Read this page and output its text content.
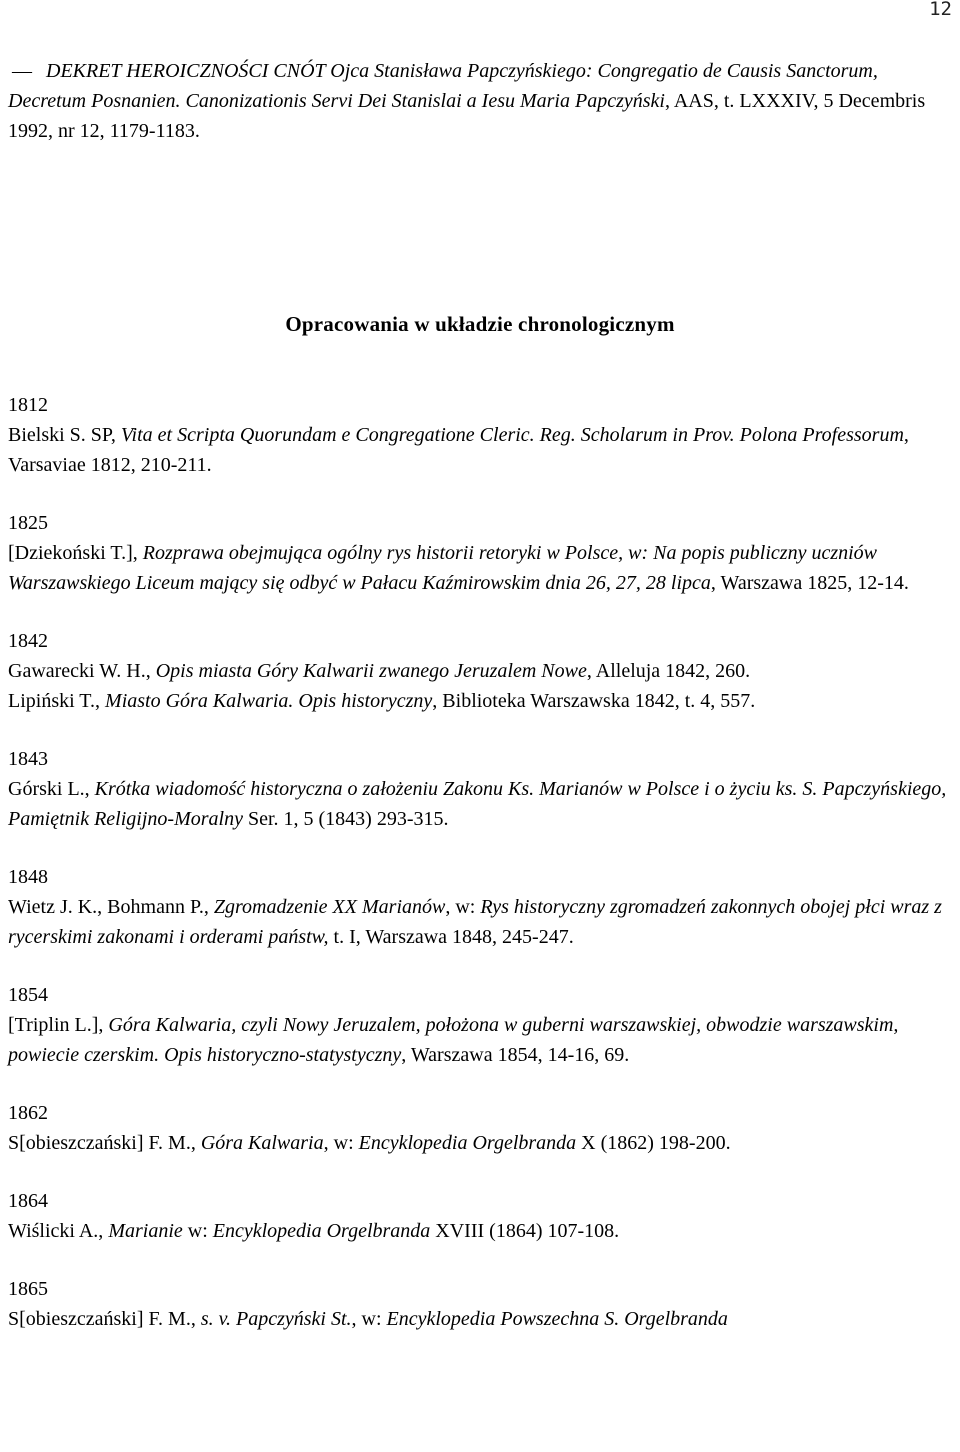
12

— DEKRET HEROICZNOŚCI CNÓT Ojca Stanisława Papczyńskiego: Congregatio de Causis Sanctorum, Decretum Posnanien. Canonizationis Servi Dei Stanislai a Iesu Maria Papczyński, AAS, t. LXXXIV, 5 Decembris 1992, nr 12, 1179-1183.

Opracowania w układzie chronologicznym
1812

Bielski S. SP, Vita et Scripta Quorundam e Congregatione Cleric. Reg. Scholarum in Prov. Polona Professorum, Varsaviae 1812, 210-211.

1825

[Dziekoński T.], Rozprawa obejmująca ogólny rys historii retoryki w Polsce, w: Na popis publiczny uczniów Warszawskiego Liceum mający się odbyć w Pałacu Kaźmirowskim dnia 26, 27, 28 lipca, Warszawa 1825, 12-14.

1842

Gawarecki W. H., Opis miasta Góry Kalwarii zwanego Jeruzalem Nowe, Alleluja 1842, 260.

Lipiński T., Miasto Góra Kalwaria. Opis historyczny, Biblioteka Warszawska 1842, t. 4, 557.

1843

Górski L., Krótka wiadomość historyczna o założeniu Zakonu Ks. Marianów w Polsce i o życiu ks. S. Papczyńskiego, Pamiętnik Religijno-Moralny Ser. 1, 5 (1843) 293-315.

1848

Wietz J. K., Bohmann P., Zgromadzenie XX Marianów, w: Rys historyczny zgromadzeń zakonnych obojej płci wraz z rycerskimi zakonami i orderami państw, t. I, Warszawa 1848, 245-247.

1854

[Triplin L.], Góra Kalwaria, czyli Nowy Jeruzalem, położona w guberni warszawskiej, obwodzie warszawskim, powiecie czerskim. Opis historyczno-statystyczny, Warszawa 1854, 14-16, 69.

1862

S[obieszczański] F. M., Góra Kalwaria, w: Encyklopedia Orgelbranda X (1862) 198-200.

1864

Wiślicki A., Marianie w: Encyklopedia Orgelbranda XVIII (1864) 107-108.

1865

S[obieszczański] F. M., s. v. Papczyński St., w: Encyklopedia Powszechna S. Orgelbranda
